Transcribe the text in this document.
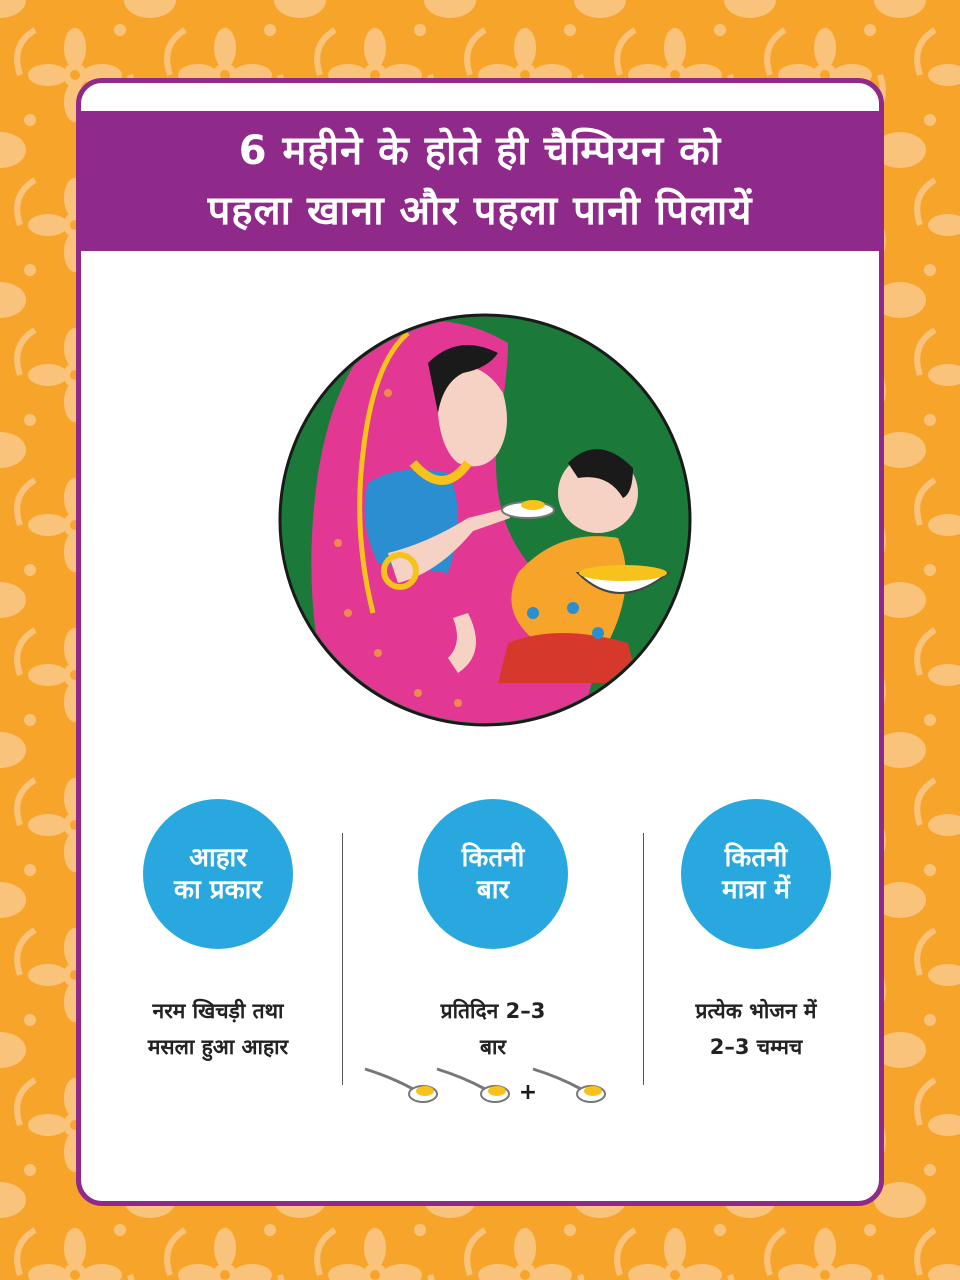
6 महीने के होते ही चैम्पियन को
पहला खाना और पहला पानी पिलायें
आहार
का प्रकार
नरम खिचड़ी तथा
मसला हुआ आहार
कितनी
बार
प्रतिदिन 2–3
बार
कितनी
मात्रा में
प्रत्येक भोजन में
2–3 चम्मच
+
